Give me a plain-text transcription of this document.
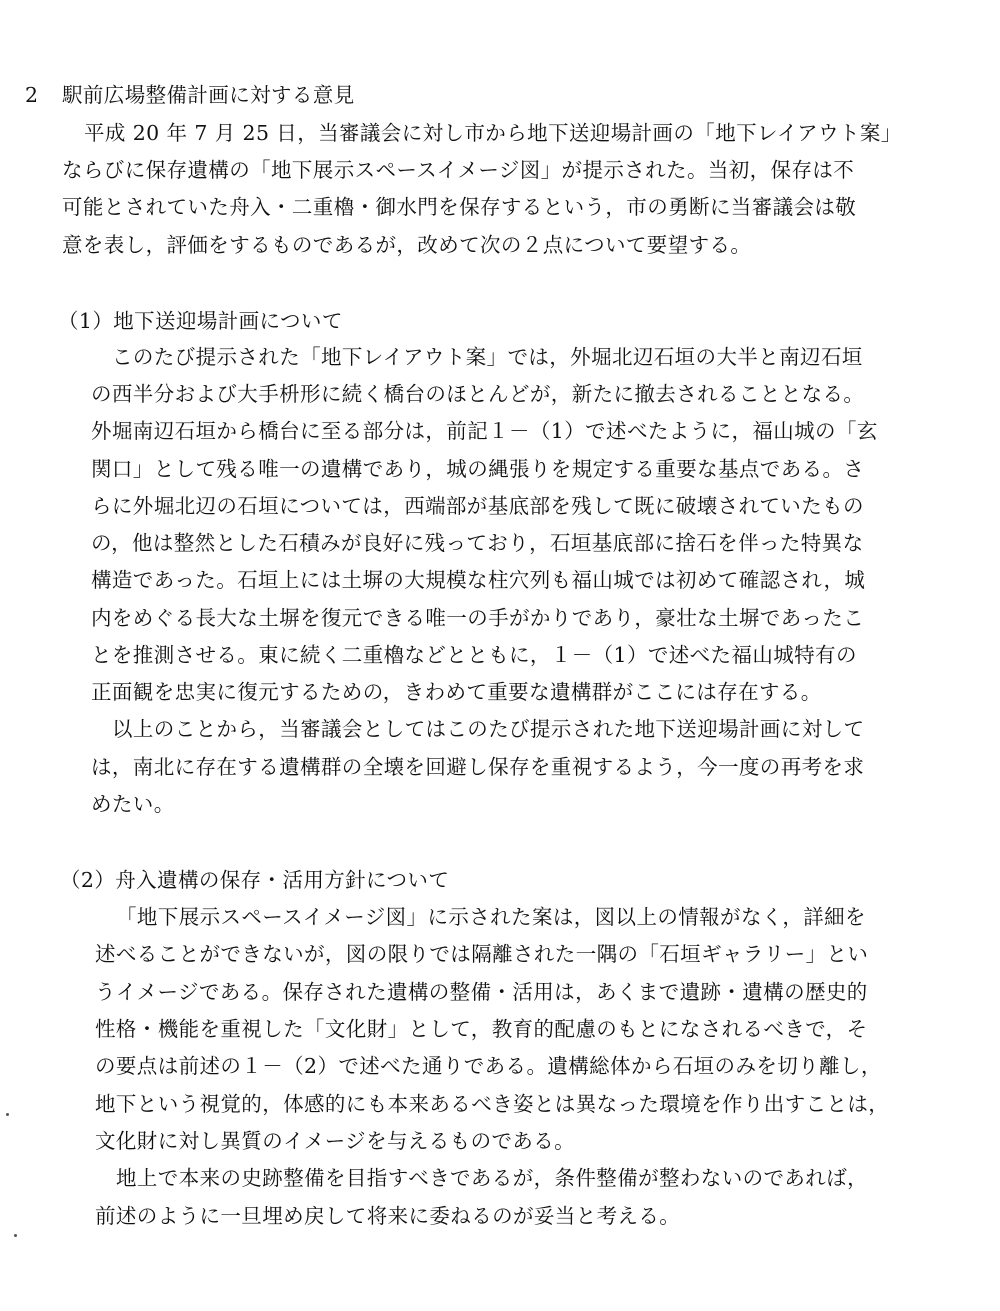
2 駅前広場整備計画に対する意見

平成 20 年 7 月 25 日，当審議会に対し市から地下送迎場計画の「地下レイアウト案」

ならびに保存遺構の「地下展示スペースイメージ図」が提示された。当初，保存は不

可能とされていた舟入・二重櫓・御水門を保存するという，市の勇断に当審議会は敬

意を表し，評価をするものであるが，改めて次の２点について要望する。

（1）地下送迎場計画について

このたび提示された「地下レイアウト案」では，外堀北辺石垣の大半と南辺石垣

の西半分および大手枡形に続く橋台のほとんどが，新たに撤去されることとなる。

外堀南辺石垣から橋台に至る部分は，前記１－（1）で述べたように，福山城の「玄

関口」として残る唯一の遺構であり，城の縄張りを規定する重要な基点である。さ

らに外堀北辺の石垣については，西端部が基底部を残して既に破壊されていたもの

の，他は整然とした石積みが良好に残っており，石垣基底部に捨石を伴った特異な

構造であった。石垣上には土塀の大規模な柱穴列も福山城では初めて確認され，城

内をめぐる長大な土塀を復元できる唯一の手がかりであり，豪壮な土塀であったこ

とを推測させる。東に続く二重櫓などとともに，１－（1）で述べた福山城特有の

正面観を忠実に復元するための，きわめて重要な遺構群がここには存在する。

以上のことから，当審議会としてはこのたび提示された地下送迎場計画に対して

は，南北に存在する遺構群の全壊を回避し保存を重視するよう，今一度の再考を求

めたい。

（2）舟入遺構の保存・活用方針について

「地下展示スペースイメージ図」に示された案は，図以上の情報がなく，詳細を

述べることができないが，図の限りでは隔離された一隅の「石垣ギャラリー」とい

うイメージである。保存された遺構の整備・活用は，あくまで遺跡・遺構の歴史的

性格・機能を重視した「文化財」として，教育的配慮のもとになされるべきで，そ

の要点は前述の１－（2）で述べた通りである。遺構総体から石垣のみを切り離し，

地下という視覚的，体感的にも本来あるべき姿とは異なった環境を作り出すことは，

文化財に対し異質のイメージを与えるものである。

地上で本来の史跡整備を目指すべきであるが，条件整備が整わないのであれば，

前述のように一旦埋め戻して将来に委ねるのが妥当と考える。
